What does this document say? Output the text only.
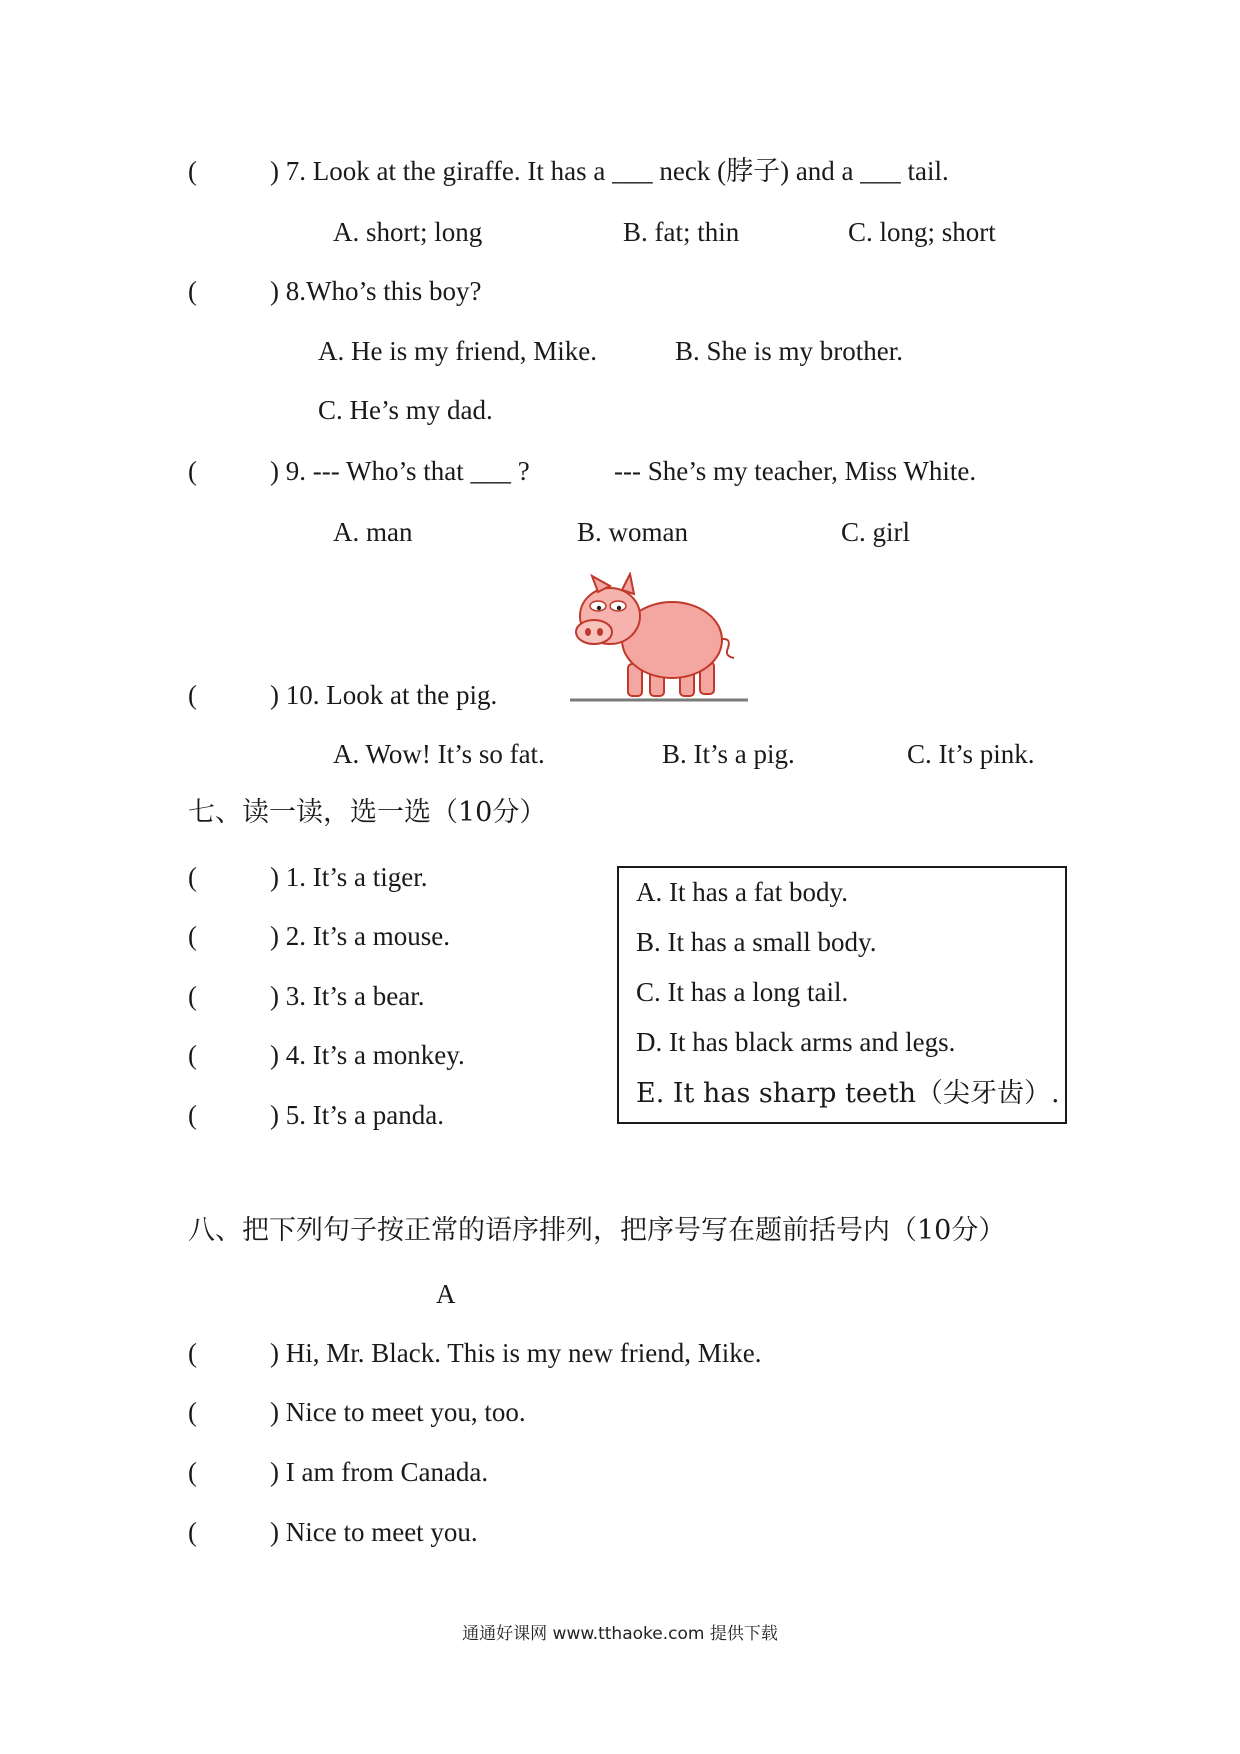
(	) 7. Look at the giraffe. It has a ___ neck (脖子) and a ___ tail.
A. short; long	B. fat; thin	C. long; short
(	) 8.Who’s this boy?
A. He is my friend, Mike.	B. She is my brother.
C. He’s my dad.
(	) 9. --- Who’s that ___ ?	--- She’s my teacher, Miss White.
A. man	B. woman	C. girl
(	) 10. Look at the pig.
A. Wow! It’s so fat.	B. It’s a pig.	C. It’s pink.
七、读一读，选一选（10分）
(	) 1. It’s a tiger.
(	) 2. It’s a mouse.
(	) 3. It’s a bear.
(	) 4. It’s a monkey.
(	) 5. It’s a panda.
A. It has a fat body.
B. It has a small body.
C. It has a long tail.
D. It has black arms and legs.
E. It has sharp teeth（尖牙齿）.
八、把下列句子按正常的语序排列，把序号写在题前括号内（10分）
A
(	) Hi, Mr. Black. This is my new friend, Mike.
(	) Nice to meet you, too.
(	) I am from Canada.
(	) Nice to meet you.
通通好课网 www.tthaoke.com 提供下载
